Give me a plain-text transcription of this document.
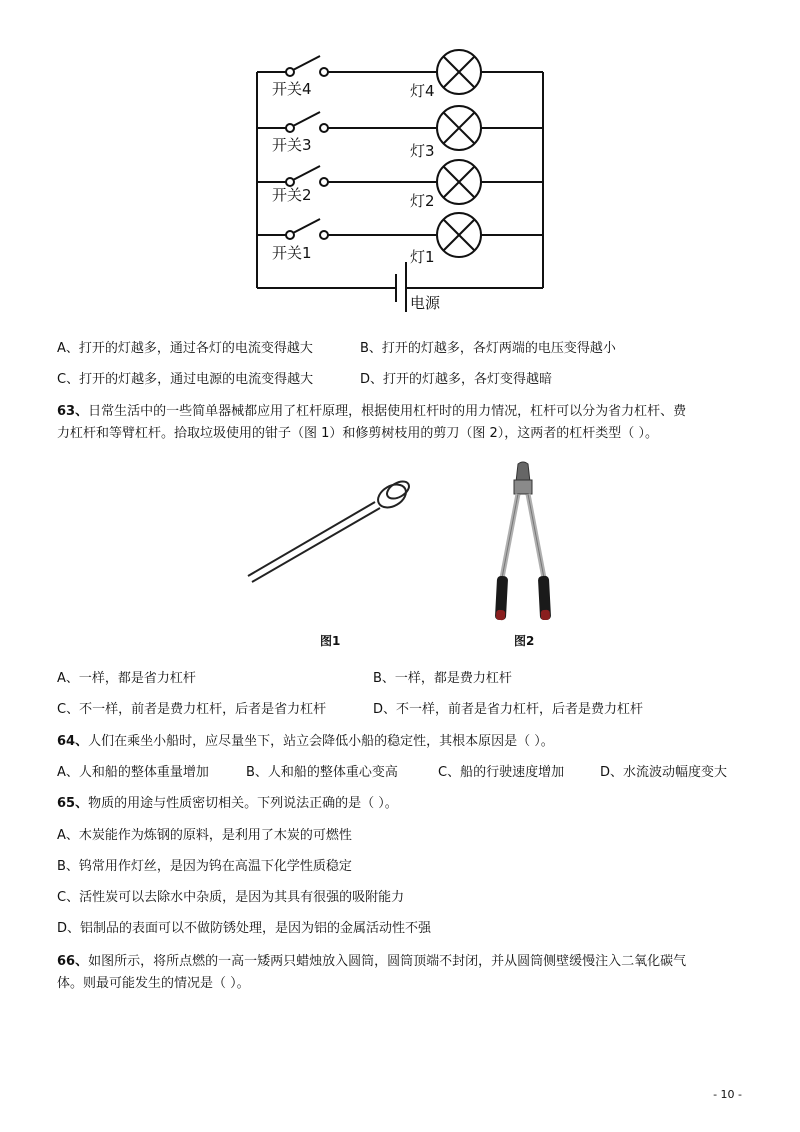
开关4	灯4
开关3	灯3
开关2	灯2
开关1	灯1
电源
A、打开的灯越多，通过各灯的电流变得越大	B、打开的灯越多，各灯两端的电压变得越小
C、打开的灯越多，通过电源的电流变得越大	D、打开的灯越多，各灯变得越暗
63、日常生活中的一些简单器械都应用了杠杆原理，根据使用杠杆时的用力情况，杠杆可以分为省力杠杆、费
力杠杆和等臂杠杆。拾取垃圾使用的钳子（图 1）和修剪树枝用的剪刀（图 2），这两者的杠杆类型（ ）。
图1	图2
A、一样，都是省力杠杆	B、一样，都是费力杠杆
C、不一样，前者是费力杠杆，后者是省力杠杆	D、不一样，前者是省力杠杆，后者是费力杠杆
64、人们在乘坐小船时，应尽量坐下，站立会降低小船的稳定性，其根本原因是（ ）。
A、人和船的整体重量增加	B、人和船的整体重心变高	C、船的行驶速度增加	D、水流波动幅度变大
65、物质的用途与性质密切相关。下列说法正确的是（ ）。
A、木炭能作为炼钢的原料，是利用了木炭的可燃性
B、钨常用作灯丝，是因为钨在高温下化学性质稳定
C、活性炭可以去除水中杂质，是因为其具有很强的吸附能力
D、铝制品的表面可以不做防锈处理，是因为铝的金属活动性不强
66、如图所示，将所点燃的一高一矮两只蜡烛放入圆筒，圆筒顶端不封闭，并从圆筒侧壁缓慢注入二氧化碳气
体。则最可能发生的情况是（ ）。
- 10 -
